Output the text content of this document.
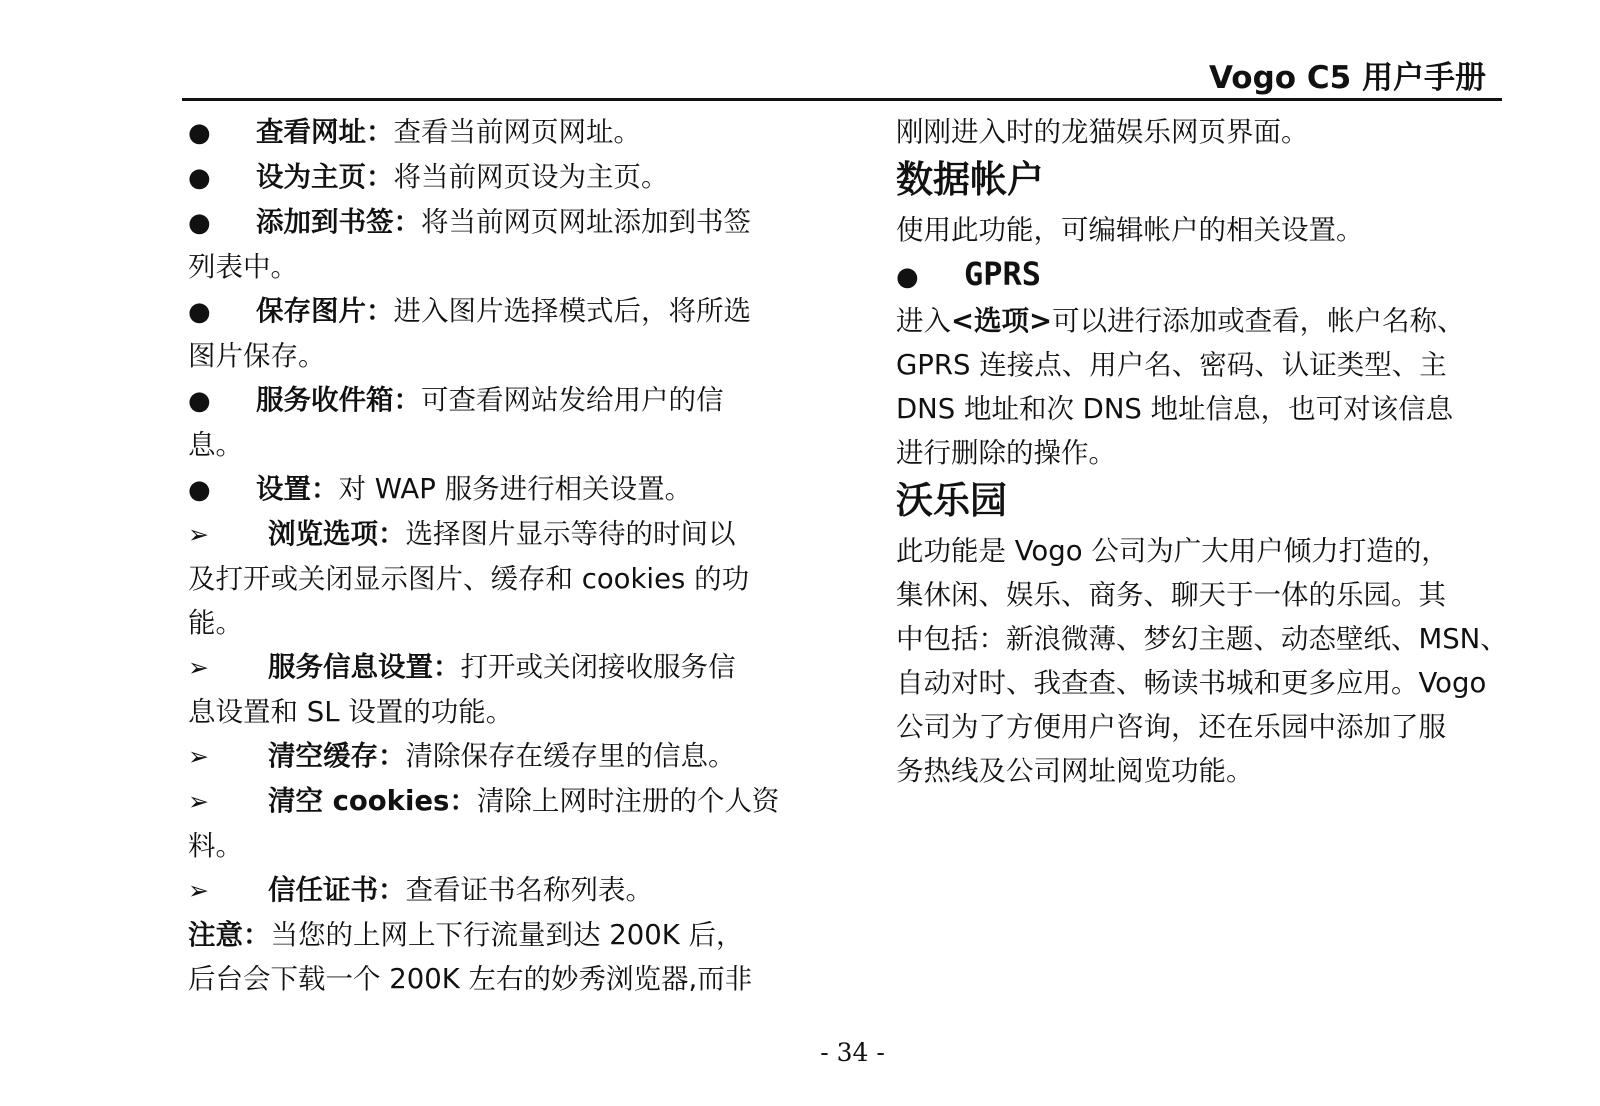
Vogo C5 用户手册

●	查看网址：查看当前网页网址。

●	设为主页：将当前网页设为主页。

●	添加到书签：将当前网页网址添加到书签

列表中。

●	保存图片：进入图片选择模式后，将所选

图片保存。

●	服务收件箱：可查看网站发给用户的信

息。

●	设置：对 WAP 服务进行相关设置。

➢	浏览选项：选择图片显示等待的时间以

及打开或关闭显示图片、缓存和 cookies 的功

能。

➢	服务信息设置：打开或关闭接收服务信

息设置和 SL 设置的功能。

➢	清空缓存：清除保存在缓存里的信息。

➢	清空 cookies：清除上网时注册的个人资

料。

➢	信任证书：查看证书名称列表。

注意：当您的上网上下行流量到达 200K 后，

后台会下载一个 200K 左右的妙秀浏览器,而非

刚刚进入时的龙猫娱乐网页界面。

数据帐户

使用此功能，可编辑帐户的相关设置。

●	GPRS

进入<选项>可以进行添加或查看，帐户名称、

GPRS 连接点、用户名、密码、认证类型、主

DNS 地址和次 DNS 地址信息，也可对该信息

进行删除的操作。

沃乐园

此功能是 Vogo 公司为广大用户倾力打造的，

集休闲、娱乐、商务、聊天于一体的乐园。其

中包括：新浪微薄、梦幻主题、动态壁纸、MSN、

自动对时、我查查、畅读书城和更多应用。Vogo

公司为了方便用户咨询，还在乐园中添加了服

务热线及公司网址阅览功能。

- 34 -
